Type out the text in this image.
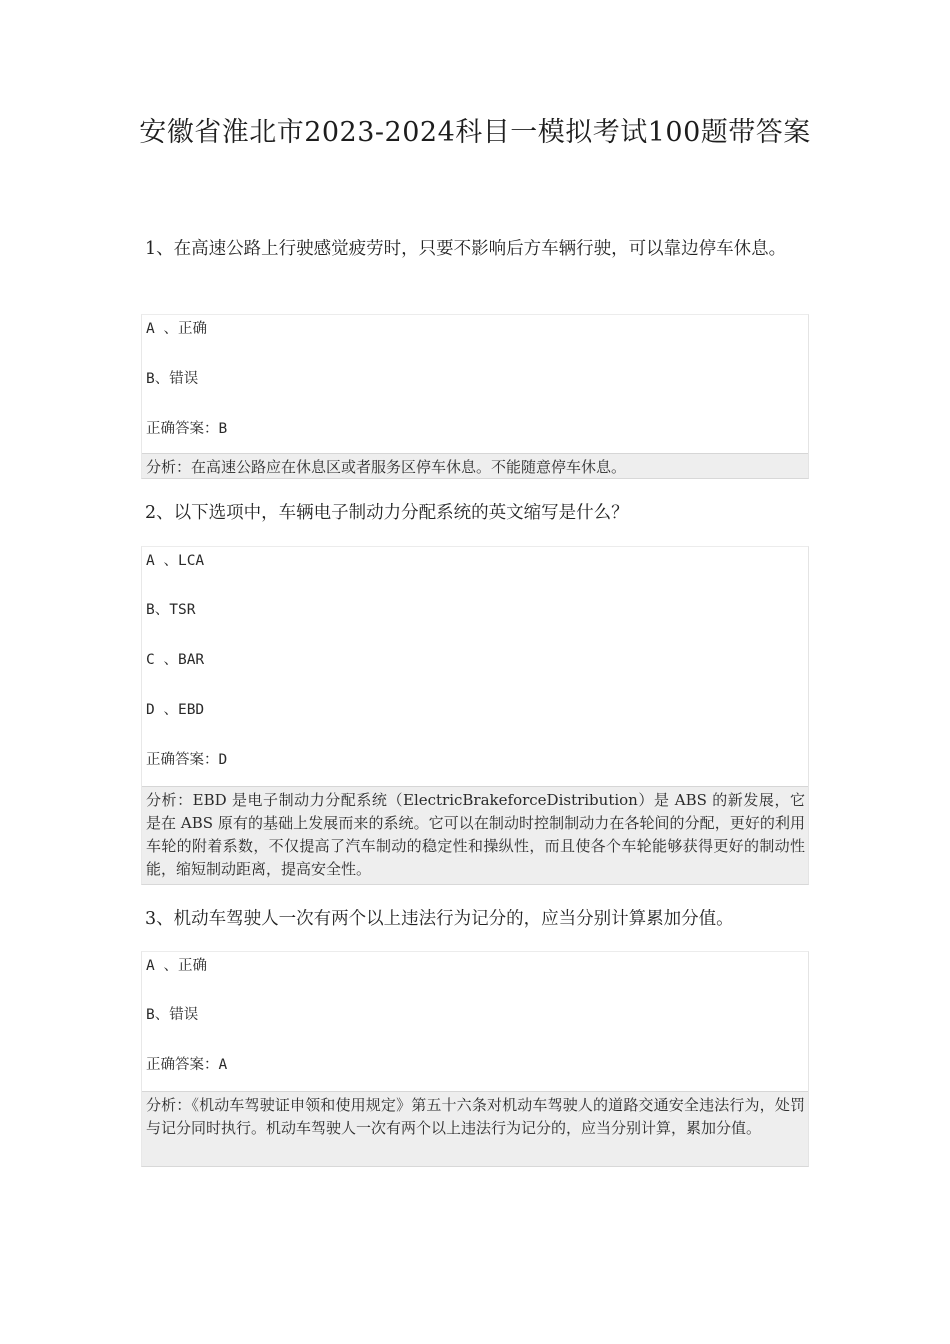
安徽省淮北市2023-2024科目一模拟考试100题带答案
1、在高速公路上行驶感觉疲劳时，只要不影响后方车辆行驶，可以靠边停车休息。
A 、正确
B、错误
正确答案：B
分析：在高速公路应在休息区或者服务区停车休息。不能随意停车休息。
2、以下选项中，车辆电子制动力分配系统的英文缩写是什么？
A 、LCA
B、TSR
C 、BAR
D 、EBD
正确答案：D
分析：EBD 是电子制动力分配系统（ElectricBrakeforceDistribution）是 ABS 的新发展，它是在 ABS 原有的基础上发展而来的系统。它可以在制动时控制制动力在各轮间的分配，更好的利用车轮的附着系数，不仅提高了汽车制动的稳定性和操纵性，而且使各个车轮能够获得更好的制动性能，缩短制动距离，提高安全性。
3、机动车驾驶人一次有两个以上违法行为记分的，应当分别计算累加分值。
A 、正确
B、错误
正确答案：A
分析：《机动车驾驶证申领和使用规定》第五十六条对机动车驾驶人的道路交通安全违法行为，处罚与记分同时执行。机动车驾驶人一次有两个以上违法行为记分的，应当分别计算，累加分值。
